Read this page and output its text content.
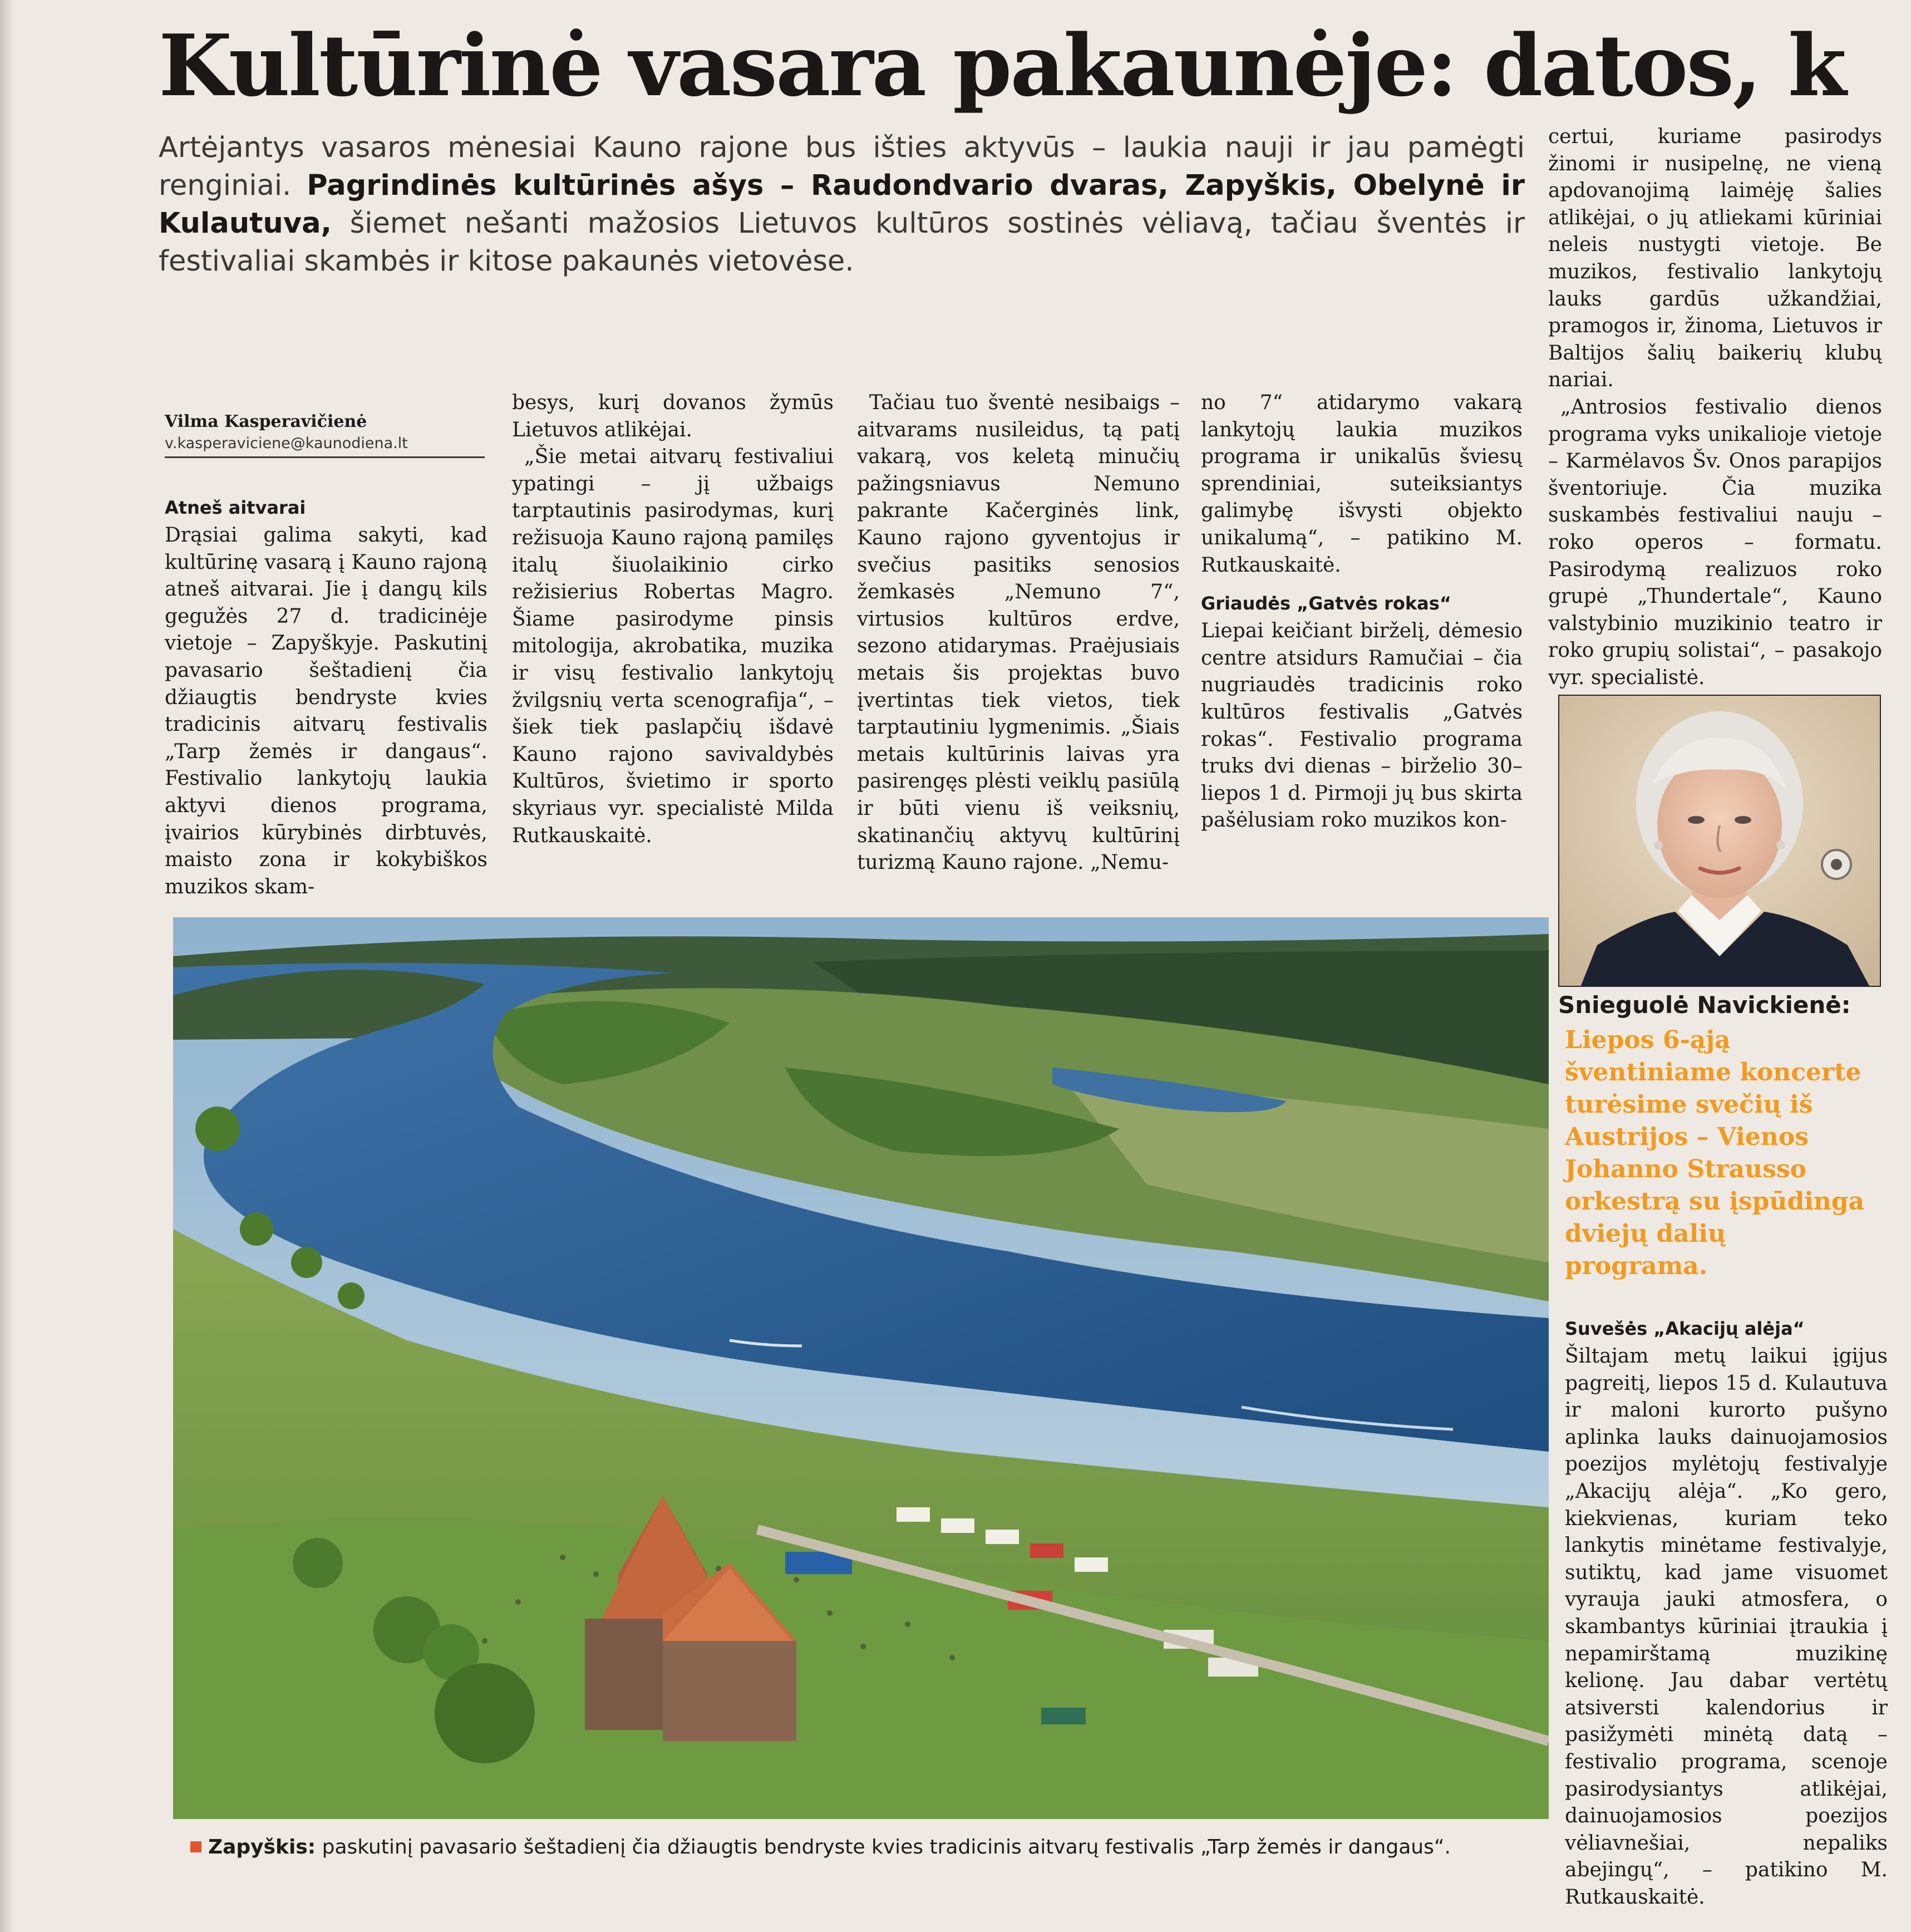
Kultūrinė vasara pakaunėje: datos, k
Artėjantys vasaros mėnesiai Kauno rajone bus išties aktyvūs – laukia nauji ir jau pamėgti renginiai. Pagrindinės kultūrinės ašys – Raudondvario dvaras, Zapyškis, Obelynė ir Kulautuva, šiemet nešanti mažosios Lietuvos kultūros sostinės vėliavą, tačiau šventės ir festivaliai skambės ir kitose pakaunės vietovėse.
Vilma Kasperavičienė
v.kasperaviciene@kaunodiena.lt
Atneš aitvarai

Drąsiai galima sakyti, kad kultūrinę vasarą į Kauno rajoną atneš aitvarai. Jie į dangų kils gegužės 27 d. tradicinėje vietoje – Zapyškyje. Paskutinį pavasario šeštadienį čia džiaugtis bendryste kvies tradicinis aitvarų festivalis „Tarp žemės ir dangaus“. Festivalio lankytojų laukia aktyvi dienos programa, įvairios kūrybinės dirbtuvės, maisto zona ir kokybiškos muzikos skam-

besys, kurį dovanos žymūs Lietuvos atlikėjai.

„Šie metai aitvarų festivaliui ypatingi – jį užbaigs tarptautinis pasirodymas, kurį režisuoja Kauno rajoną pamilęs italų šiuolaikinio cirko režisierius Robertas Magro. Šiame pasirodyme pinsis mitologija, akrobatika, muzika ir visų festivalio lankytojų žvilgsnių verta scenografija“, – šiek tiek paslapčių išdavė Kauno rajono savivaldybės Kultūros, švietimo ir sporto skyriaus vyr. specialistė Milda Rutkauskaitė.

Tačiau tuo šventė nesibaigs – aitvarams nusileidus, tą patį vakarą, vos keletą minučių pažingsniavus Nemuno pakrante Kačerginės link, Kauno rajono gyventojus ir svečius pasitiks senosios žemkasės „Nemuno 7“, virtusios kultūros erdve, sezono atidarymas. Praėjusiais metais šis projektas buvo įvertintas tiek vietos, tiek tarptautiniu lygmenimis. „Šiais metais kultūrinis laivas yra pasirengęs plėsti veiklų pasiūlą ir būti vienu iš veiksnių, skatinančių aktyvų kultūrinį turizmą Kauno rajone. „Nemu-

no 7“ atidarymo vakarą lankytojų laukia muzikos programa ir unikalūs šviesų sprendiniai, suteiksiantys galimybę išvysti objekto unikalumą“, – patikino M. Rutkauskaitė.

Griaudės „Gatvės rokas“

Liepai keičiant birželį, dėmesio centre atsidurs Ramučiai – čia nugriaudės tradicinis roko kultūros festivalis „Gatvės rokas“. Festivalio programa truks dvi dienas – birželio 30–liepos 1 d. Pirmoji jų bus skirta pašėlusiam roko muzikos kon-

certui, kuriame pasirodys žinomi ir nusipelnę, ne vieną apdovanojimą laimėję šalies atlikėjai, o jų atliekami kūriniai neleis nustygti vietoje. Be muzikos, festivalio lankytojų lauks gardūs užkandžiai, pramogos ir, žinoma, Lietuvos ir Baltijos šalių baikerių klubų nariai.

„Antrosios festivalio dienos programa vyks unikalioje vietoje – Karmėlavos Šv. Onos parapijos šventoriuje. Čia muzika suskambės festivaliui nauju – roko operos – formatu. Pasirodymą realizuos roko grupė „Thundertale“, Kauno valstybinio muzikinio teatro ir roko grupių solistai“, – pasakojo vyr. specialistė.

Snieguolė Navickienė:
Liepos 6-ąją šventiniame koncerte turėsime svečių iš Austrijos – Vienos Johanno Strausso orkestrą su įspūdinga dviejų dalių programa.
Suvešės „Akacijų alėja“

Šiltajam metų laikui įgijus pagreitį, liepos 15 d. Kulautuva ir maloni kurorto pušyno aplinka lauks dainuojamosios poezijos mylėtojų festivalyje „Akacijų alėja“. „Ko gero, kiekvienas, kuriam teko lankytis minėtame festivalyje, sutiktų, kad jame visuomet vyrauja jauki atmosfera, o skambantys kūriniai įtraukia į nepamirštamą muzikinę kelionę. Jau dabar vertėtų atsiversti kalendorius ir pasižymėti minėtą datą – festivalio programa, scenoje pasirodysiantys atlikėjai, dainuojamosios poezijos vėliavnešiai, nepaliks abejingų“, – patikino M. Rutkauskaitė.

Zapyškis: paskutinį pavasario šeštadienį čia džiaugtis bendryste kvies tradicinis aitvarų festivalis „Tarp žemės ir dangaus“.
